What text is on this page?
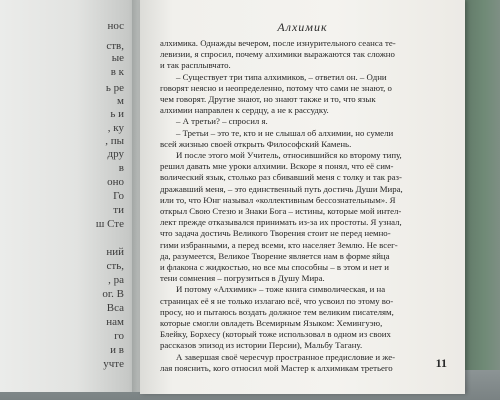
нос
ств,
ые
в к
ь ре
м
ь и
, ку
, пы
дру
в
оно
Го
ти
ш Сте
ний
сть,
, ра
ог. В
Вса
нам
го
и в
учте
Алхимик
алхимика. Однажды вечером, после изнурительного сеанса те-
левизии, я спросил, почему алхимики выражаются так сложно
и так расплывчато.
– Существует три типа алхимиков, – ответил он. – Одни
говорят неясно и неопределенно, потому что сами не знают, о
чем говорят. Другие знают, но знают также и то, что язык
алхимии направлен к сердцу, а не к рассудку.
– А третьи? – спросил я.
– Третьи – это те, кто и не слышал об алхимии, но сумели
всей жизнью своей открыть Философский Камень.
И после этого мой Учитель, относившийся ко второму типу,
решил давать мне уроки алхимии. Вскоре я понял, что её сим-
волический язык, столько раз сбивавший меня с толку и так раз-
дражавший меня, – это единственный путь достичь Души Мира,
или то, что Юнг называл «коллективным бессознательным». Я
открыл Свою Стезю и Знаки Бога – истины, которые мой интел-
лект прежде отказывался принимать из-за их простоты. Я узнал,
что задача достичь Великого Творения стоит не перед немно-
гими избранными, а перед всеми, кто населяет Землю. Не всег-
да, разумеется, Великое Творение является нам в форме яйца
и флакона с жидкостью, но все мы способны – в этом и нет и
тени сомнения – погрузиться в Душу Мира.
И потому «Алхимик» – тоже книга символическая, и на
страницах её я не только излагаю всё, что усвоил по этому во-
просу, но и пытаюсь воздать должное тем великим писателям,
которые смогли овладеть Всемирным Языком: Хемингуэю,
Блейку, Борхесу (который тоже использовал в одном из своих
рассказов эпизод из истории Персии), Мальбу Тагану.
А завершая своё чересчур пространное предисловие и же-
лая пояснить, кого относил мой Мастер к алхимикам третьего	11
